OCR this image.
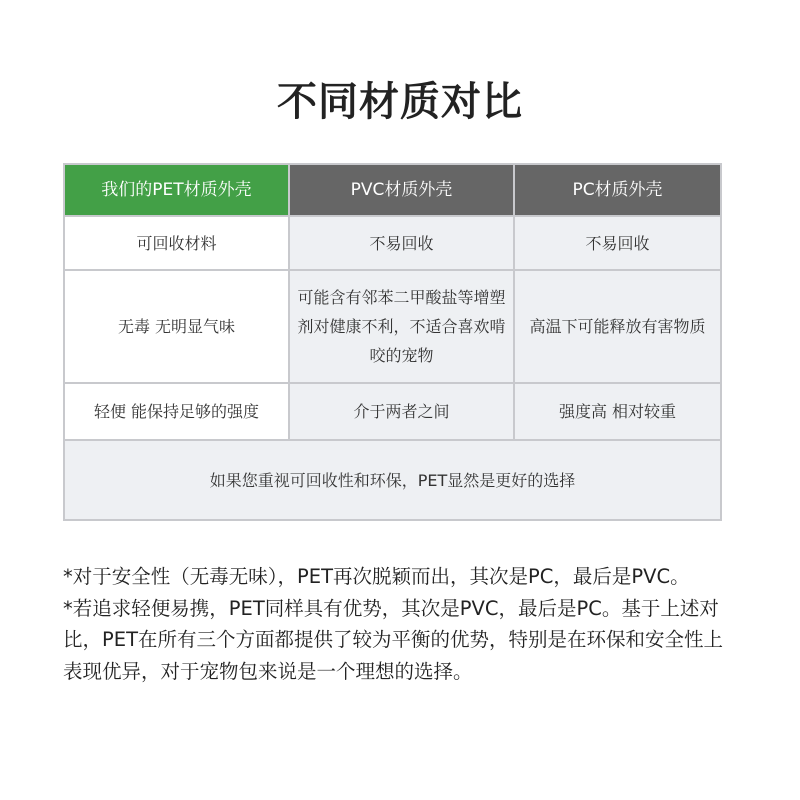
不同材质对比
我们的PET材质外壳	PVC材质外壳	PC材质外壳
可回收材料	不易回收	不易回收
无毒 无明显气味	可能含有邻苯二甲酸盐等增塑剂对健康不利，不适合喜欢啃咬的宠物	高温下可能释放有害物质
轻便 能保持足够的强度	介于两者之间	强度高 相对较重
如果您重视可回收性和环保，PET显然是更好的选择		

*对于安全性（无毒无味），PET再次脱颖而出，其次是PC，最后是PVC。

*若追求轻便易携，PET同样具有优势，其次是PVC，最后是PC。基于上述对比，PET在所有三个方面都提供了较为平衡的优势，特别是在环保和安全性上表现优异，对于宠物包来说是一个理想的选择。
